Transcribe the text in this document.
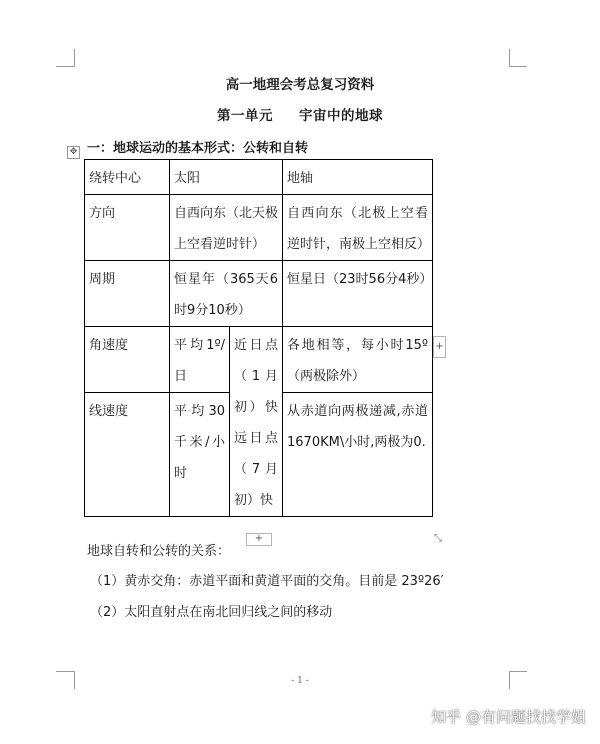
高一地理会考总复习资料
第一单元 宇宙中的地球
一：地球运动的基本形式：公转和自转
✥
绕转中心	太阳		地轴
方向	自西向东（北天极上空看逆时针）		自西向东（北极上空看逆时针，南极上空相反）
周期	恒星年（365天6时9分10秒）		恒星日（23时56分4秒）
角速度	平均1º/日	近日点（1月初）快远日点（7月初）快	各地相等，每小时15º（两极除外）
线速度	平均30千米/小时		从赤道向两极递减,赤道1670KM\小时,两极为0.
+
+	⤡
地球自转和公转的关系：
（1）黄赤交角：赤道平面和黄道平面的交角。目前是 23º26′
（2）太阳直射点在南北回归线之间的移动
- 1 -
知乎 @有问题找找学姐
